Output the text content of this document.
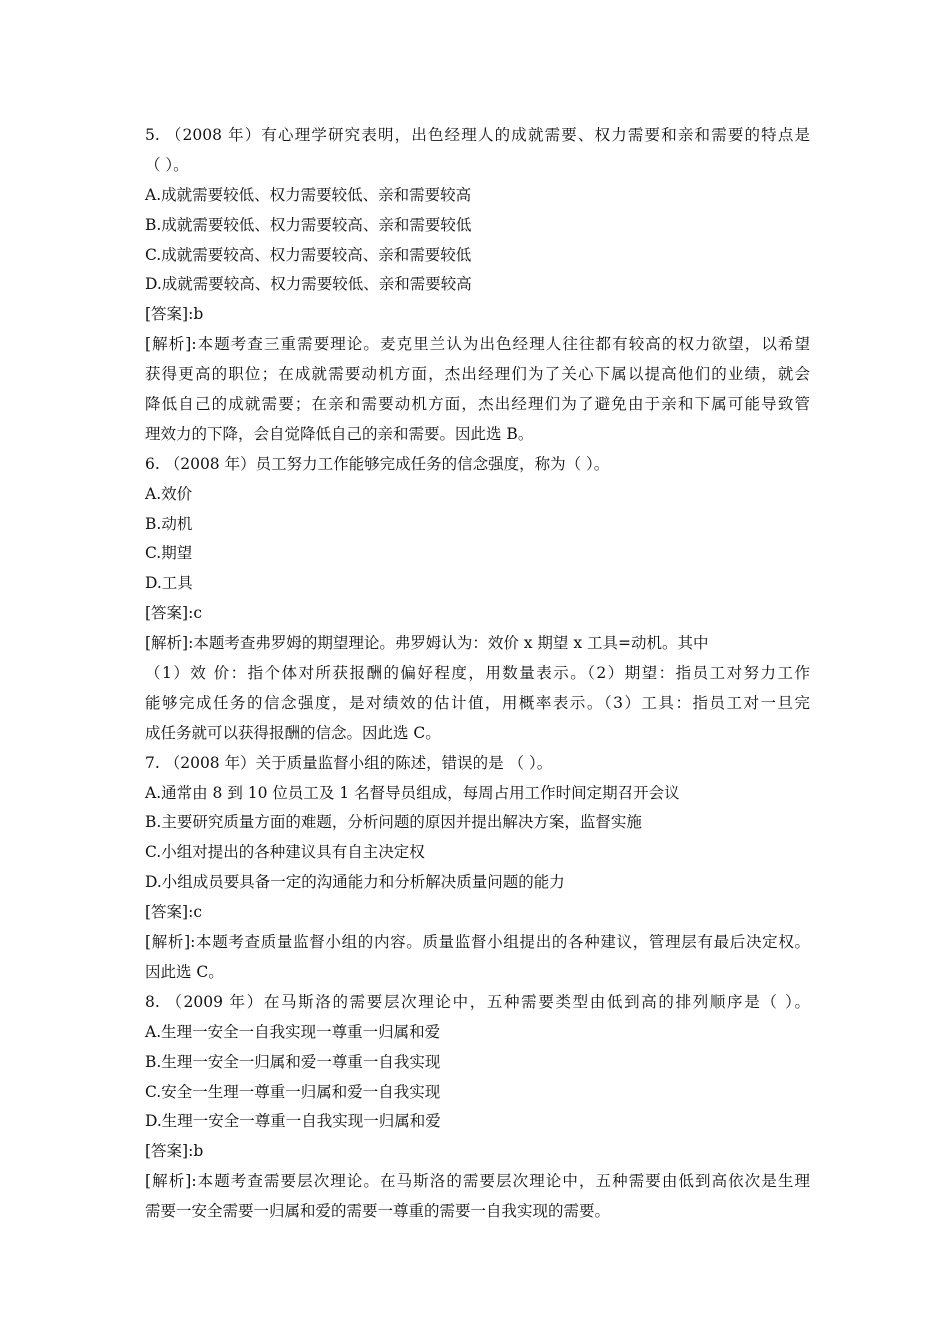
5. （2008 年）有心理学研究表明，出色经理人的成就需要、权力需要和亲和需要的特点是
（ ）。
A.成就需要较低、权力需要较低、亲和需要较高
B.成就需要较低、权力需要较高、亲和需要较低
C.成就需要较高、权力需要较高、亲和需要较低
D.成就需要较高、权力需要较低、亲和需要较高
[答案]:b
[解析]:本题考查三重需要理论。麦克里兰认为出色经理人往往都有较高的权力欲望，以希望
获得更高的职位；在成就需要动机方面，杰出经理们为了关心下属以提高他们的业绩，就会
降低自己的成就需要；在亲和需要动机方面，杰出经理们为了避免由于亲和下属可能导致管
理效力的下降，会自觉降低自己的亲和需要。因此选 B。
6. （2008 年）员工努力工作能够完成任务的信念强度，称为（ ）。
A.效价
B.动机
C.期望
D.工具
[答案]:c
[解析]:本题考查弗罗姆的期望理论。弗罗姆认为：效价 x 期望 x 工具=动机。其中
（1）效 价：指个体对所获报酬的偏好程度，用数量表示。（2）期望：指员工对努力工作
能够完成任务的信念强度，是对绩效的估计值，用概率表示。（3）工具：指员工对一旦完
成任务就可以获得报酬的信念。因此选 C。
7. （2008 年）关于质量监督小组的陈述，错误的是 （ ）。
A.通常由 8 到 10 位员工及 1 名督导员组成，每周占用工作时间定期召开会议
B.主要研究质量方面的难题，分析问题的原因并提出解决方案，监督实施
C.小组对提出的各种建议具有自主决定权
D.小组成员要具备一定的沟通能力和分析解决质量问题的能力
[答案]:c
[解析]:本题考查质量监督小组的内容。质量监督小组提出的各种建议，管理层有最后决定权。
因此选 C。
8. （2009 年）在马斯洛的需要层次理论中，五种需要类型由低到高的排列顺序是（ ）。
A.生理一安全一自我实现一尊重一归属和爱
B.生理一安全一归属和爱一尊重一自我实现
C.安全一生理一尊重一归属和爱一自我实现
D.生理一安全一尊重一自我实现一归属和爱
[答案]:b
[解析]:本题考查需要层次理论。在马斯洛的需要层次理论中，五种需要由低到高依次是生理
需要一安全需要一归属和爱的需要一尊重的需要一自我实现的需要。
